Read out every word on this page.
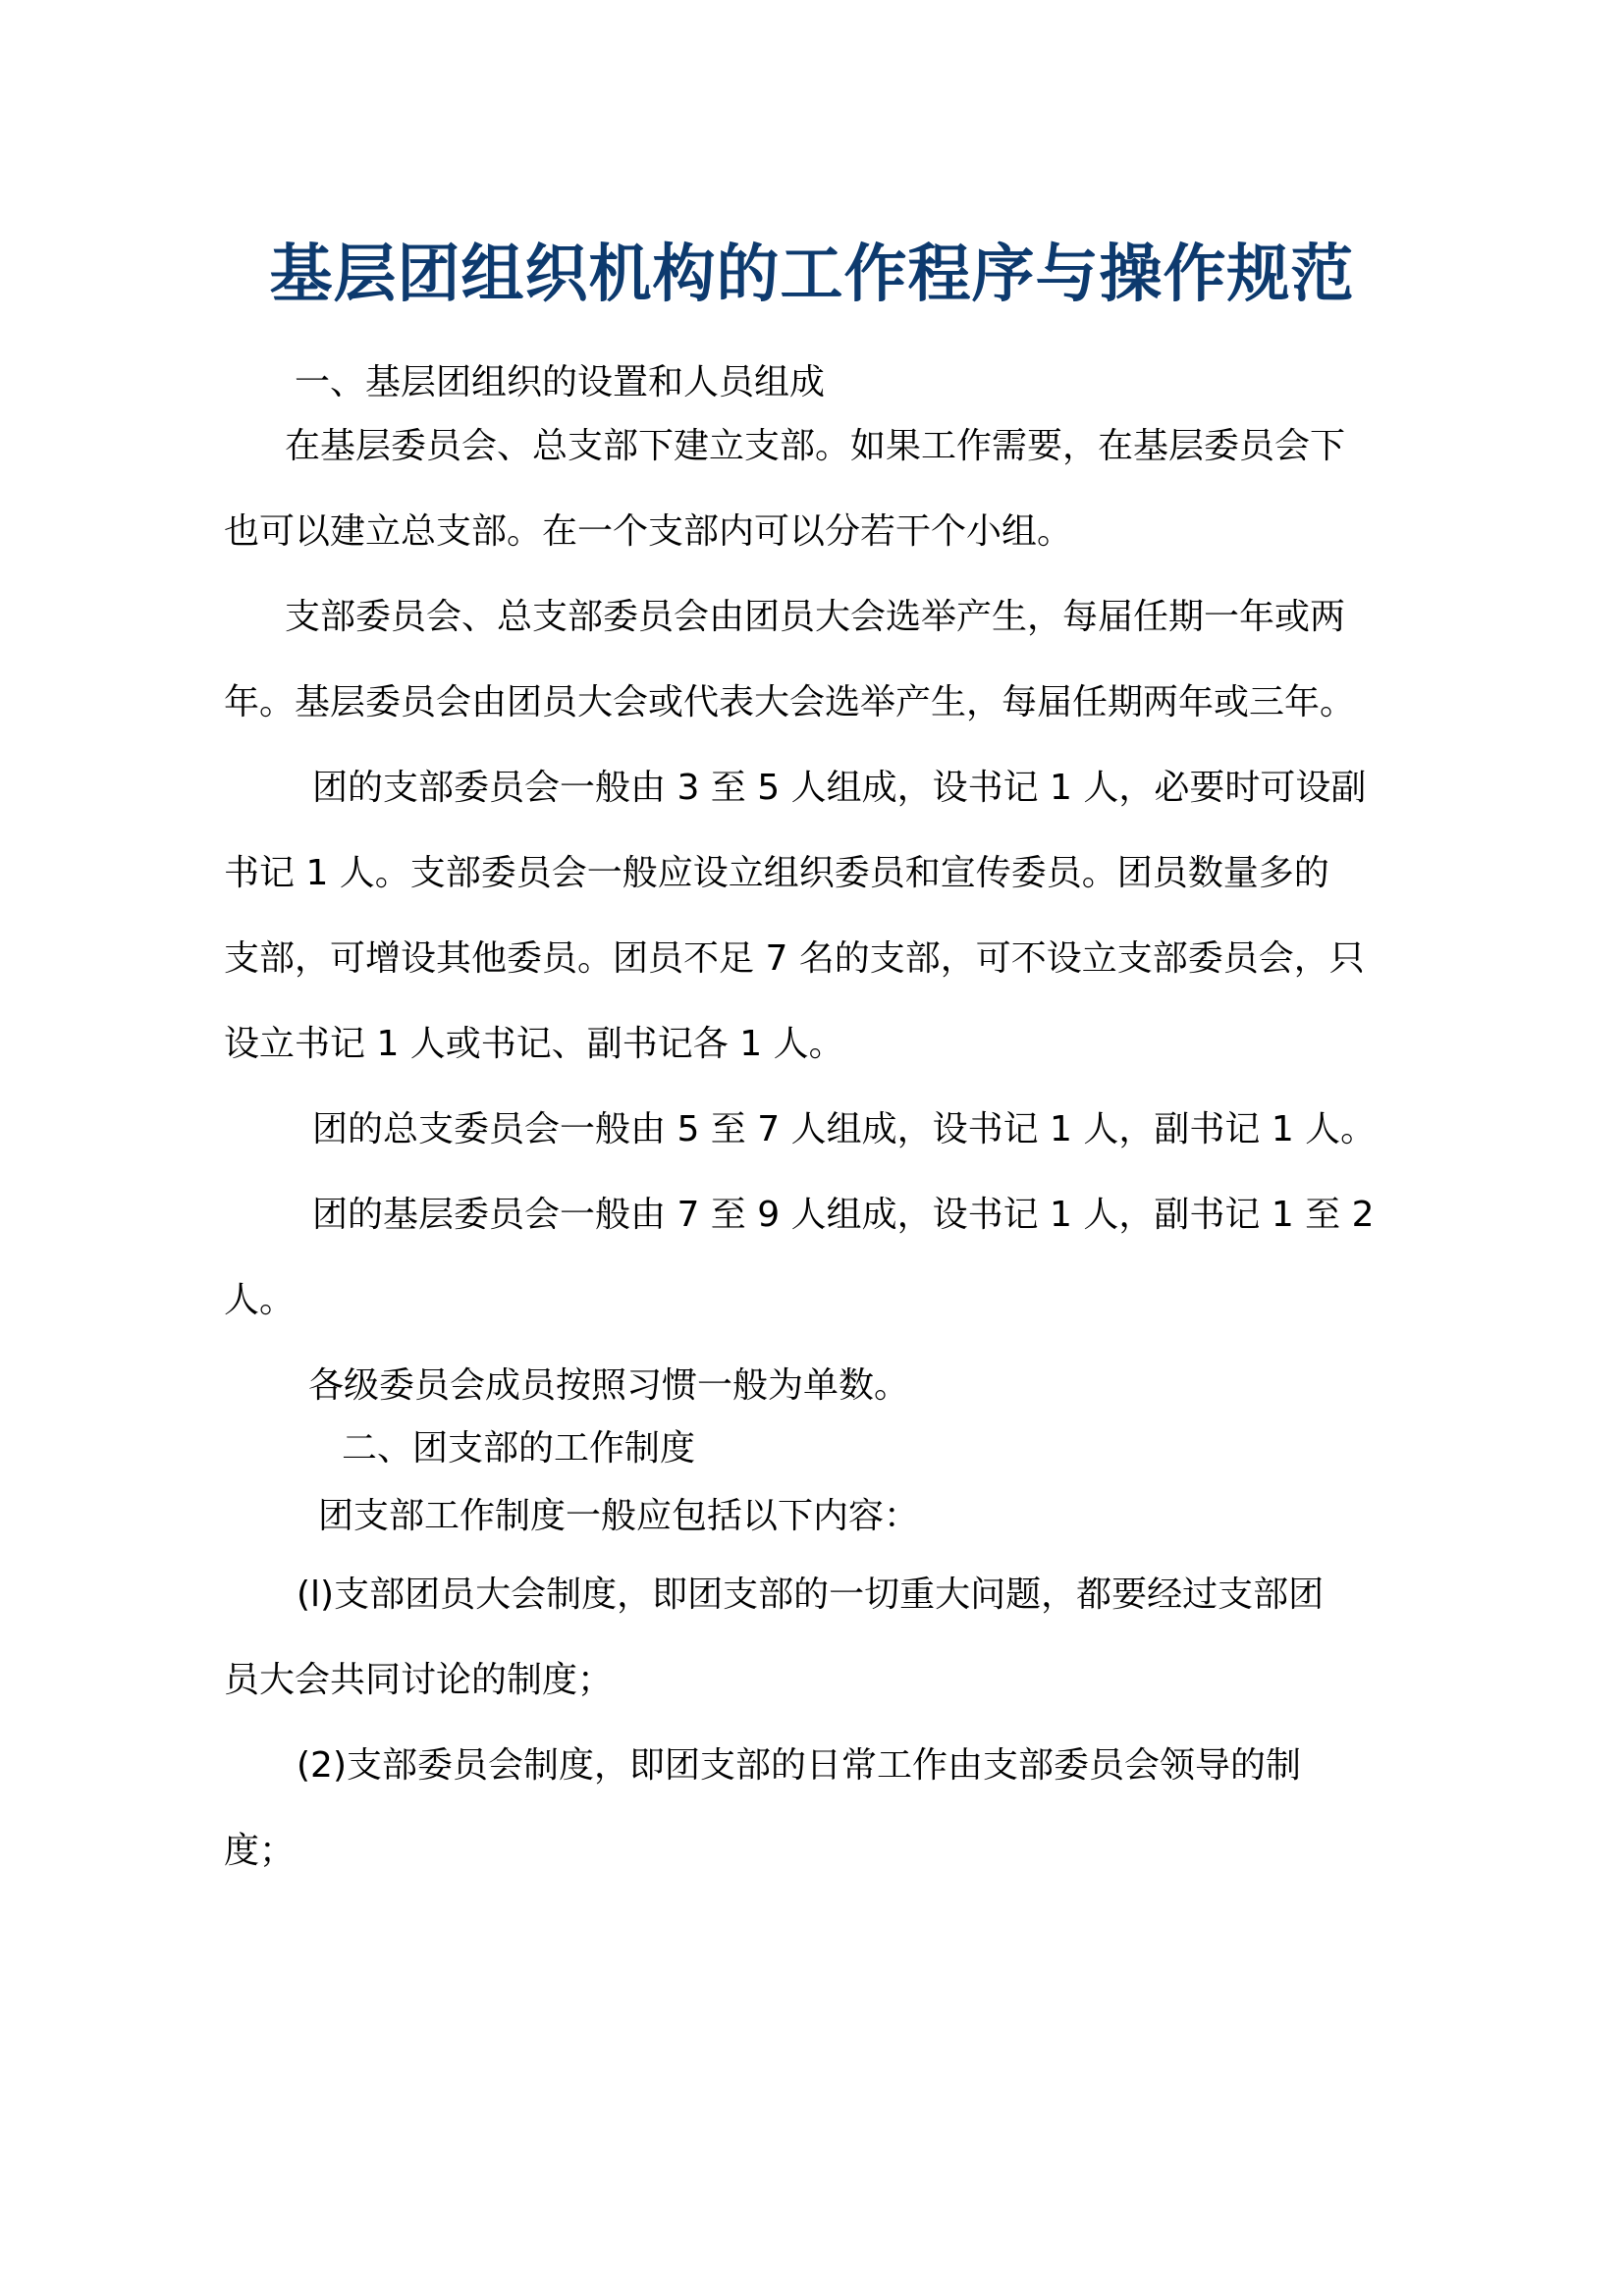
基层团组织机构的工作程序与操作规范
一、基层团组织的设置和人员组成
在基层委员会、总支部下建立支部。如果工作需要，在基层委员会下
也可以建立总支部。在一个支部内可以分若干个小组。
支部委员会、总支部委员会由团员大会选举产生，每届任期一年或两
年。基层委员会由团员大会或代表大会选举产生，每届任期两年或三年。
团的支部委员会一般由 3 至 5 人组成，设书记 1 人，必要时可设副
书记 1 人。支部委员会一般应设立组织委员和宣传委员。团员数量多的
支部，可增设其他委员。团员不足 7 名的支部，可不设立支部委员会，只
设立书记 1 人或书记、副书记各 1 人。
团的总支委员会一般由 5 至 7 人组成，设书记 1 人，副书记 1 人。
团的基层委员会一般由 7 至 9 人组成，设书记 1 人，副书记 1 至 2
人。
各级委员会成员按照习惯一般为单数。
二、团支部的工作制度
团支部工作制度一般应包括以下内容：
(l)支部团员大会制度，即团支部的一切重大问题，都要经过支部团
员大会共同讨论的制度；
(2)支部委员会制度，即团支部的日常工作由支部委员会领导的制
度；
